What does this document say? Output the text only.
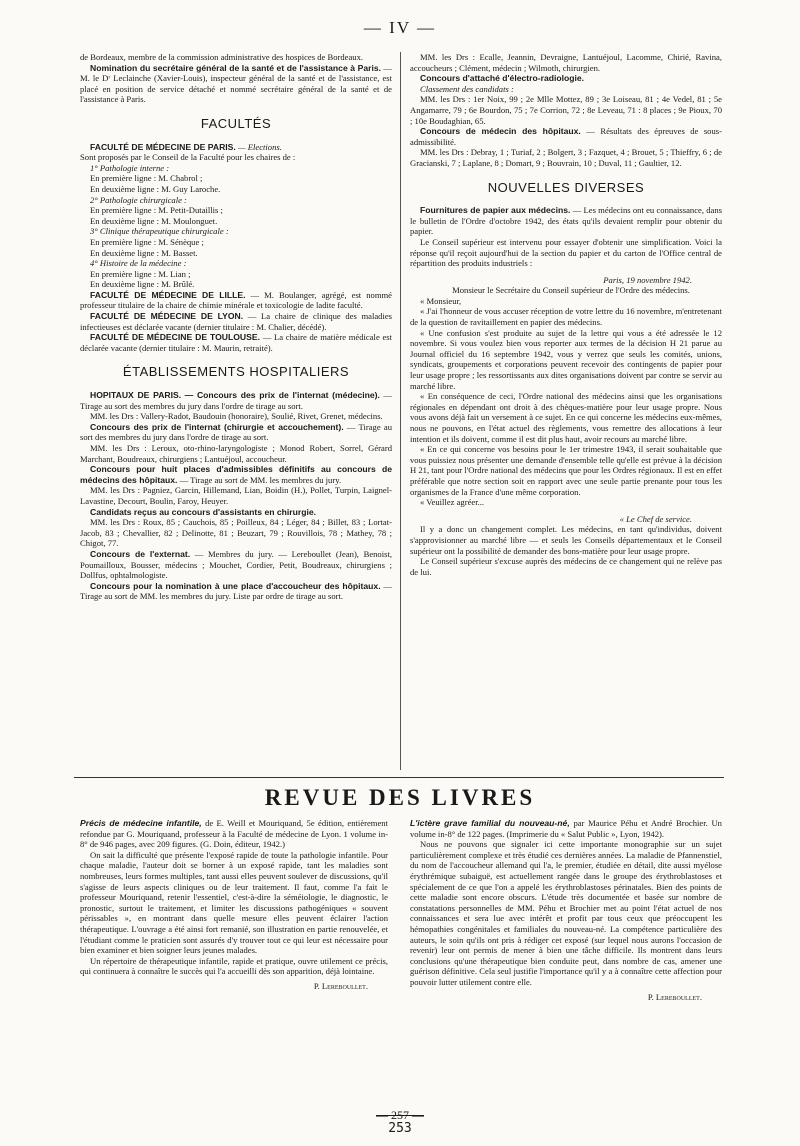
— IV —

de Bordeaux, membre de la commission administrative des hospices de Bordeaux.

Nomination du secrétaire général de la santé et de l'assistance à Paris. — M. le Dʳ Leclainche (Xavier-Louis), inspecteur général de la santé et de l'assistance, est placé en position de service détaché et nommé secrétaire général de la santé et de l'assistance à Paris.

FACULTÉS

FACULTÉ DE MÉDECINE DE PARIS. — Elections.

Sont proposés par le Conseil de la Faculté pour les chaires de :

1° Pathologie interne :

En première ligne : M. Chabrol ;

En deuxième ligne : M. Guy Laroche.

2° Pathologie chirurgicale :

En première ligne : M. Petit-Dutaillis ;

En deuxième ligne : M. Moulonguet.

3° Clinique thérapeutique chirurgicale :

En première ligne : M. Sénèque ;

En deuxième ligne : M. Basset.

4° Histoire de la médecine :

En première ligne : M. Lian ;

En deuxième ligne : M. Brûlé.

FACULTÉ DE MÉDECINE DE LILLE. — M. Boulanger, agrégé, est nommé professeur titulaire de la chaire de chimie minérale et toxicologie de ladite faculté.

FACULTÉ DE MÉDECINE DE LYON. — La chaire de clinique des maladies infectieuses est déclarée vacante (dernier titulaire : M. Chalier, décédé).

FACULTÉ DE MÉDECINE DE TOULOUSE. — La chaire de matière médicale est déclarée vacante (dernier titulaire : M. Maurin, retraité).

ÉTABLISSEMENTS HOSPITALIERS

HOPITAUX DE PARIS. — Concours des prix de l'internat (médecine). — Tirage au sort des membres du jury dans l'ordre de tirage au sort.

MM. les Drs : Vallery-Radot, Baudouin (honoraire), Soulié, Rivet, Grenet, médecins.

Concours des prix de l'internat (chirurgie et accouchement). — Tirage au sort des membres du jury dans l'ordre de tirage au sort.

MM. les Drs : Leroux, oto-rhino-laryngologiste ; Monod Robert, Sorrel, Gérard Marchant, Boudreaux, chirurgiens ; Lantuéjoul, accoucheur.

Concours pour huit places d'admissibles définitifs au concours de médecins des hôpitaux. — Tirage au sort de MM. les membres du jury.

MM. les Drs : Pagniez, Garcin, Hillemand, Lian, Boidin (H.), Pollet, Turpin, Laignel-Lavastine, Decourt, Boulin, Faroy, Heuyer.

Candidats reçus au concours d'assistants en chirurgie.

MM. les Drs : Roux, 85 ; Cauchois, 85 ; Poilleux, 84 ; Léger, 84 ; Billet, 83 ; Lortat-Jacob, 83 ; Chevallier, 82 ; Delinotte, 81 ; Beuzart, 79 ; Rouvillois, 78 ; Mathey, 78 ; Chigot, 77.

Concours de l'externat. — Membres du jury. — Lereboullet (Jean), Benoist, Poumailloux, Bousser, médecins ; Mouchet, Cordier, Petit, Boudreaux, chirurgiens ; Dollfus, ophtalmologiste.

Concours pour la nomination à une place d'accoucheur des hôpitaux. — Tirage au sort de MM. les membres du jury. Liste par ordre de tirage au sort.

MM. les Drs : Ecalle, Jeannin, Devraigne, Lantuéjoul, Lacomme, Chirié, Ravina, accoucheurs ; Clément, médecin ; Wilmoth, chirurgien.

Concours d'attaché d'électro-radiologie.

Classement des candidats :

MM. les Drs : 1er Noix, 99 ; 2e Mlle Mottez, 89 ; 3e Loiseau, 81 ; 4e Vedel, 81 ; 5e Angamarre, 79 ; 6e Bourdon, 75 ; 7e Corrion, 72 ; 8e Leveau, 71 : 8 places ; 9e Pioux, 70 ; 10e Boudaghian, 65.

Concours de médecin des hôpitaux. — Résultats des épreuves de sous-admissibilité.

MM. les Drs : Debray, 1 ; Turiaf, 2 ; Bolgert, 3 ; Fazquet, 4 ; Brouet, 5 ; Thieffry, 6 ; de Gracianski, 7 ; Laplane, 8 ; Domart, 9 ; Bouvrain, 10 ; Duval, 11 ; Gaultier, 12.

NOUVELLES DIVERSES

Fournitures de papier aux médecins. — Les médecins ont eu connaissance, dans le bulletin de l'Ordre d'octobre 1942, des états qu'ils devaient remplir pour obtenir du papier.

Le Conseil supérieur est intervenu pour essayer d'obtenir une simplification. Voici la réponse qu'il reçoit aujourd'hui de la section du papier et du carton de l'Office central de répartition des produits industriels :

Paris, 19 novembre 1942.

Monsieur le Secrétaire du Conseil supérieur de l'Ordre des médecins.

« Monsieur,

« J'ai l'honneur de vous accuser réception de votre lettre du 16 novembre, m'entretenant de la question de ravitaillement en papier des médecins.

« Une confusion s'est produite au sujet de la lettre qui vous a été adressée le 12 novembre. Si vous voulez bien vous reporter aux termes de la décision H 21 parue au Journal officiel du 16 septembre 1942, vous y verrez que seuls les comités, unions, syndicats, groupements et corporations peuvent recevoir des contingents de papier pour leur usage propre ; les ressortissants aux dites organisations doivent par contre se servir au marché libre.

« En conséquence de ceci, l'Ordre national des médecins ainsi que les organisations régionales en dépendant ont droit à des chèques-matière pour leur usage propre. Nous vous avons déjà fait un versement à ce sujet. En ce qui concerne les médecins eux-mêmes, nous ne pouvons, en l'état actuel des règlements, vous remettre des allocations à leur intention et ils doivent, comme il est dit plus haut, avoir recours au marché libre.

« En ce qui concerne vos besoins pour le 1er trimestre 1943, il serait souhaitable que vous puissiez nous présenter une demande d'ensemble telle qu'elle est prévue à la décision H 21, tant pour l'Ordre national des médecins que pour les Ordres régionaux. Il est en effet préférable que notre section soit en rapport avec une seule partie prenante pour tous les organismes de la France d'une même corporation.

« Veuillez agréer...

« Le Chef de service.

Il y a donc un changement complet. Les médecins, en tant qu'individus, doivent s'approvisionner au marché libre — et seuls les Conseils départementaux et le Conseil supérieur ont la possibilité de demander des bons-matière pour leur usage propre.

Le Conseil supérieur s'excuse auprès des médecins de ce changement qui ne relève pas de lui.

REVUE DES LIVRES

Précis de médecine infantile, de E. Weill et Mouriquand, 5e édition, entièrement refondue par G. Mouriquand, professeur à la Faculté de médecine de Lyon. 1 volume in-8° de 946 pages, avec 209 figures. (G. Doin, éditeur, 1942.)

On sait la difficulté que présente l'exposé rapide de toute la pathologie infantile. Pour chaque maladie, l'auteur doit se borner à un exposé rapide, tant les maladies sont nombreuses, leurs formes multiples, tant aussi elles peuvent soulever de discussions, qu'il s'agisse de leurs aspects cliniques ou de leur traitement. Il faut, comme l'a fait le professeur Mouriquand, retenir l'essentiel, c'est-à-dire la séméiologie, le diagnostic, le pronostic, surtout le traitement, et limiter les discussions pathogéniques « souvent périssables », en montrant dans quelle mesure elles peuvent éclairer l'action thérapeutique. L'ouvrage a été ainsi fort remanié, son illustration en partie renouvelée, et l'étudiant comme le praticien sont assurés d'y trouver tout ce qui leur est nécessaire pour bien examiner et bien soigner leurs jeunes malades.

Un répertoire de thérapeutique infantile, rapide et pratique, ouvre utilement ce précis, qui continuera à connaître le succès qui l'a accueilli dès son apparition, déjà lointaine.

P. Lereboullet.

L'ictère grave familial du nouveau-né, par Maurice Péhu et André Brochier. Un volume in-8° de 122 pages. (Imprimerie du « Salut Public », Lyon, 1942).

Nous ne pouvons que signaler ici cette importante monographie sur un sujet particulièrement complexe et très étudié ces dernières années. La maladie de Pfannenstiel, du nom de l'accoucheur allemand qui l'a, le premier, étudiée en détail, dite aussi myélose érythrémique subaiguë, est actuellement rangée dans le groupe des érythroblastoses et spécialement de ce que l'on a appelé les érythroblastoses périnatales. Bien des points de cette maladie sont encore obscurs. L'étude très documentée et basée sur nombre de constatations personnelles de MM. Péhu et Brochier met au point l'état actuel de nos connaissances et sera lue avec intérêt et profit par tous ceux que préoccupent les hémopathies congénitales et familiales du nouveau-né. La compétence particulière des auteurs, le soin qu'ils ont pris à rédiger cet exposé (sur lequel nous aurons l'occasion de revenir) leur ont permis de mener à bien une tâche difficile. Ils montrent dans leurs conclusions qu'une thérapeutique bien conduite peut, dans nombre de cas, amener une guérison définitive. Cela seul justifie l'importance qu'il y a à connaître cette affection pour pouvoir lutter utilement contre elle.

P. Lereboullet.

— 257 —
253
